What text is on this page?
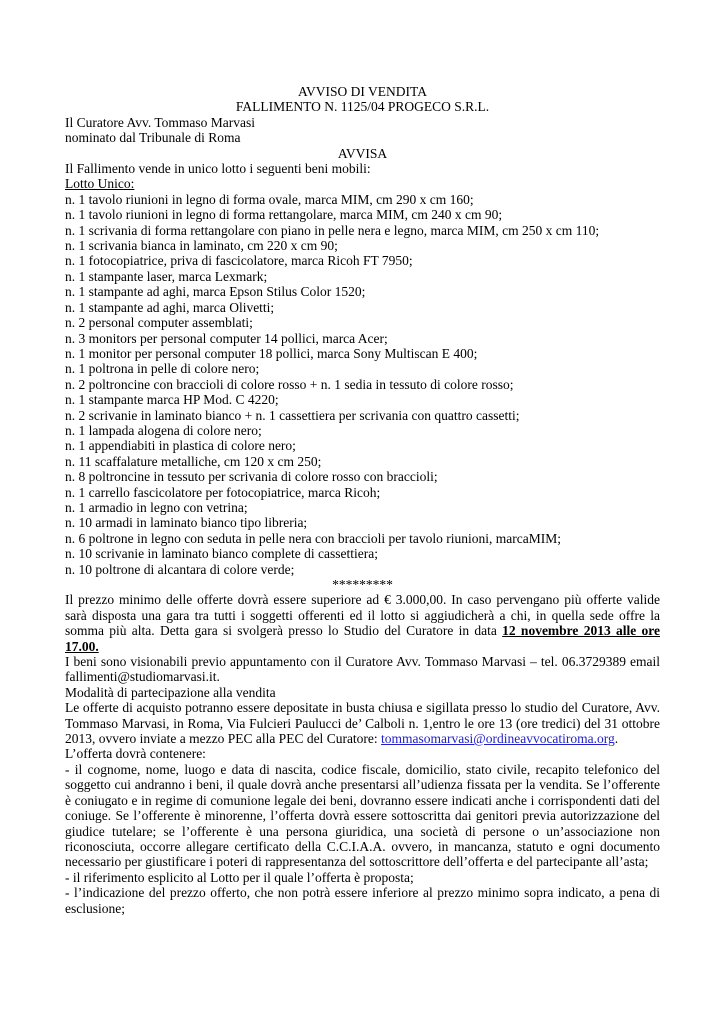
AVVISO DI VENDITA
FALLIMENTO N. 1125/04 PROGECO S.R.L.
Il Curatore Avv. Tommaso Marvasi
nominato dal Tribunale di Roma
AVVISA
Il Fallimento vende in unico lotto i seguenti beni mobili:
Lotto Unico:
n. 1 tavolo riunioni in legno di forma ovale, marca MIM, cm 290 x cm 160;
n. 1 tavolo riunioni in legno di forma rettangolare, marca MIM, cm 240 x cm 90;
n. 1 scrivania di forma rettangolare con piano in pelle nera e legno, marca MIM, cm 250 x cm 110;
n. 1 scrivania bianca in laminato, cm 220 x cm 90;
n. 1 fotocopiatrice, priva di fascicolatore, marca Ricoh FT 7950;
n. 1 stampante laser, marca Lexmark;
n. 1 stampante ad aghi, marca Epson Stilus Color 1520;
n. 1 stampante ad aghi, marca Olivetti;
n. 2 personal computer assemblati;
n. 3 monitors per personal computer 14 pollici, marca Acer;
n. 1 monitor per personal computer 18 pollici, marca Sony Multiscan E 400;
n. 1 poltrona in pelle di colore nero;
n. 2 poltroncine con braccioli di colore rosso + n. 1 sedia in tessuto di colore rosso;
n. 1 stampante marca HP Mod. C 4220;
n. 2 scrivanie in laminato bianco + n. 1 cassettiera per scrivania con quattro cassetti;
n. 1 lampada alogena di colore nero;
n. 1 appendiabiti in plastica di colore nero;
n. 11 scaffalature metalliche, cm 120 x cm 250;
n. 8 poltroncine in tessuto per scrivania di colore rosso con braccioli;
n. 1 carrello fascicolatore per fotocopiatrice, marca Ricoh;
n. 1 armadio in legno con vetrina;
n. 10 armadi in laminato bianco tipo libreria;
n. 6 poltrone in legno con seduta in pelle nera con braccioli per tavolo riunioni, marcaMIM;
n. 10 scrivanie in laminato bianco complete di cassettiera;
n. 10 poltrone di alcantara di colore verde;
*********

Il prezzo minimo delle offerte dovrà essere superiore ad € 3.000,00. In caso pervengano più offerte valide sarà disposta una gara tra tutti i soggetti offerenti ed il lotto si aggiudicherà a chi, in quella sede offre la somma più alta. Detta gara si svolgerà presso lo Studio del Curatore in data 12 novembre 2013 alle ore 17.00.

I beni sono visionabili previo appuntamento con il Curatore Avv. Tommaso Marvasi – tel. 06.3729389 email fallimenti@studiomarvasi.it.

Modalità di partecipazione alla vendita

Le offerte di acquisto potranno essere depositate in busta chiusa e sigillata presso lo studio del Curatore, Avv. Tommaso Marvasi, in Roma, Via Fulcieri Paulucci de’ Calboli n. 1,entro le ore 13 (ore tredici) del 31 ottobre 2013, ovvero inviate a mezzo PEC alla PEC del Curatore: tommasomarvasi@ordineavvocatiroma.org.

L’offerta dovrà contenere:

- il cognome, nome, luogo e data di nascita, codice fiscale, domicilio, stato civile, recapito telefonico del soggetto cui andranno i beni, il quale dovrà anche presentarsi all’udienza fissata per la vendita. Se l’offerente è coniugato e in regime di comunione legale dei beni, dovranno essere indicati anche i corrispondenti dati del coniuge. Se l’offerente è minorenne, l’offerta dovrà essere sottoscritta dai genitori previa autorizzazione del giudice tutelare; se l’offerente è una persona giuridica, una società di persone o un’associazione non riconosciuta, occorre allegare certificato della C.C.I.A.A. ovvero, in mancanza, statuto e ogni documento necessario per giustificare i poteri di rappresentanza del sottoscrittore dell’offerta e del partecipante all’asta;

- il riferimento esplicito al Lotto per il quale l’offerta è proposta;

- l’indicazione del prezzo offerto, che non potrà essere inferiore al prezzo minimo sopra indicato, a pena di esclusione;
